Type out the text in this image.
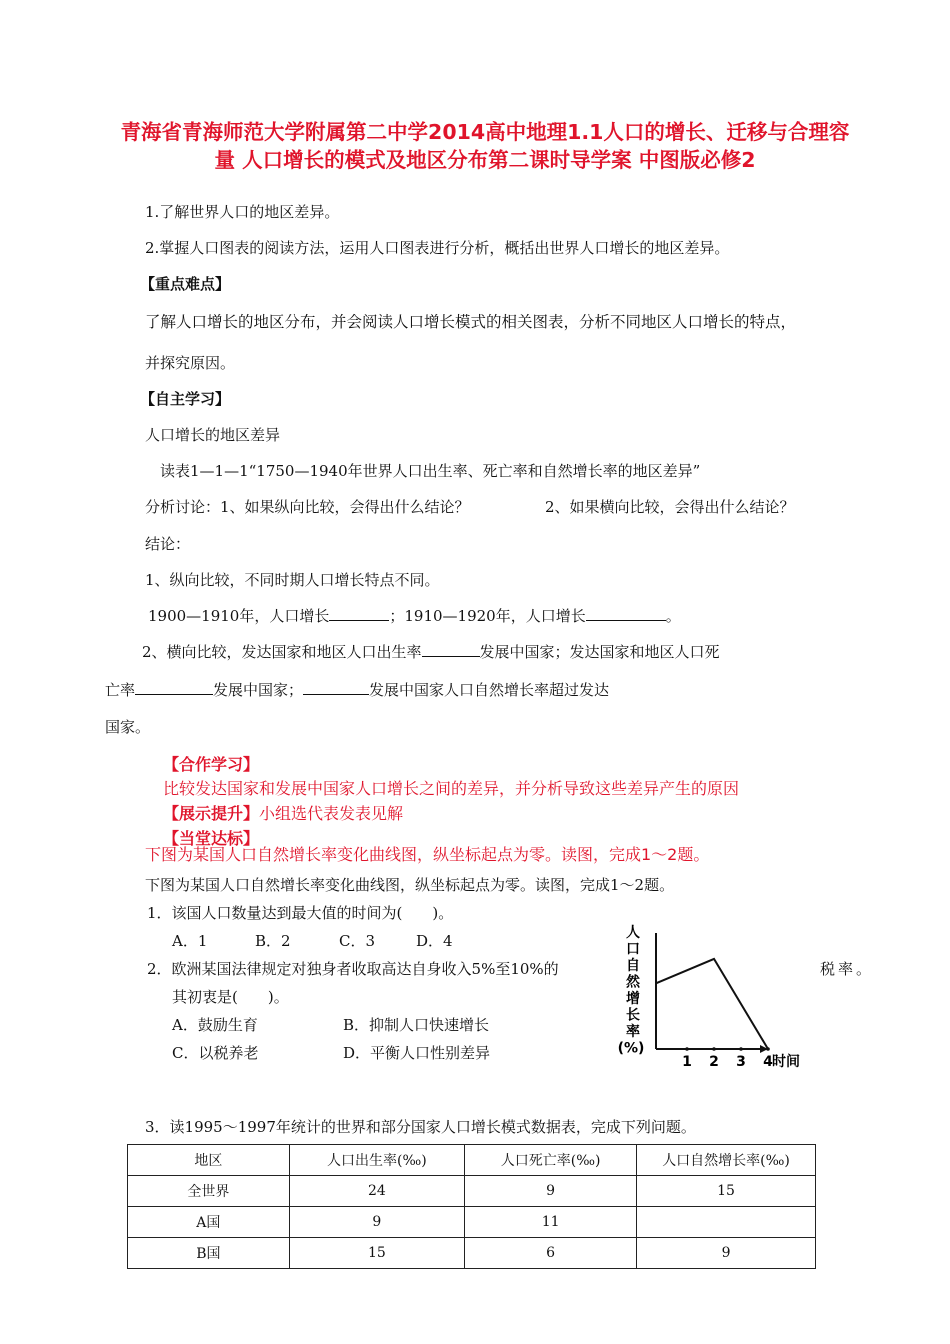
青海省青海师范大学附属第二中学2014高中地理1.1人口的增长、迁移与合理容量 人口增长的模式及地区分布第二课时导学案 中图版必修2
1.了解世界人口的地区差异。
2.掌握人口图表的阅读方法，运用人口图表进行分析，概括出世界人口增长的地区差异。
【重点难点】
了解人口增长的地区分布，并会阅读人口增长模式的相关图表，分析不同地区人口增长的特点，
并探究原因。
【自主学习】
人口增长的地区差异
读表1—1—1“1750—1940年世界人口出生率、死亡率和自然增长率的地区差异”
分析讨论：1、如果纵向比较，会得出什么结论？	2、如果横向比较，会得出什么结论？
结论：
1、纵向比较，不同时期人口增长特点不同。
1900—1910年，人口增长	；1910—1920年，人口增长	。
2、横向比较，发达国家和地区人口出生率	发展中国家；发达国家和地区人口死
亡率	发展中国家；	发展中国家人口自然增长率超过发达
国家。
【合作学习】
比较发达国家和发展中国家人口增长之间的差异，并分析导致这些差异产生的原因
【展示提升】小组选代表发表见解
【当堂达标】
下图为某国人口自然增长率变化曲线图，纵坐标起点为零。读图，完成1～2题。
下图为某国人口自然增长率变化曲线图，纵坐标起点为零。读图，完成1～2题。
1．该国人口数量达到最大值的时间为(　　)。
A．1	B．2	C．3	D．4
2．欧洲某国法律规定对独身者收取高达自身收入5%至10%的	税率。
其初衷是(　　)。
A．鼓励生育	B．抑制人口快速增长
C．以税养老	D．平衡人口性别差异
人
口
自
然
增
长
率
(%)
1 2 3 4 时间
3．读1995～1997年统计的世界和部分国家人口增长模式数据表，完成下列问题。
地区	人口出生率(‰)	人口死亡率(‰)	人口自然增长率(‰)
全世界	24	9	15
A国	9	11	
B国	15	6	9
